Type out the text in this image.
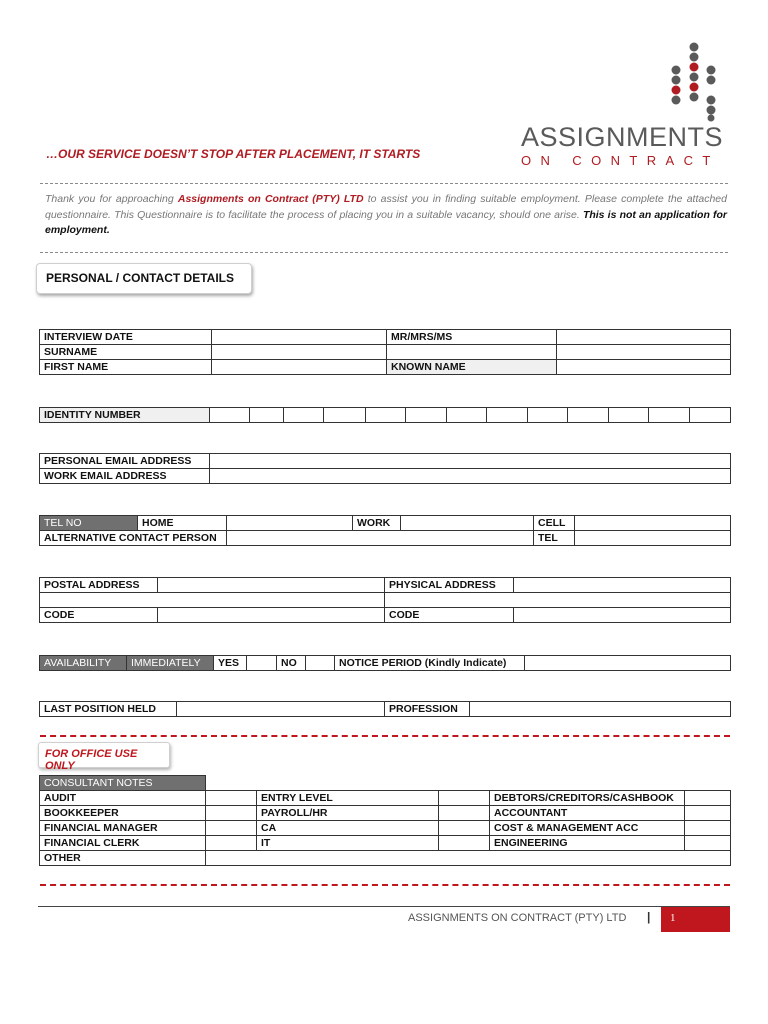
ASSIGNMENTS
ON CONTRACT
…OUR SERVICE DOESN’T STOP AFTER PLACEMENT, IT STARTS
Thank you for approaching Assignments on Contract (PTY) LTD to assist you in finding suitable employment. Please complete the attached questionnaire. This Questionnaire is to facilitate the process of placing you in a suitable vacancy, should one arise. This is not an application for employment.
PERSONAL / CONTACT DETAILS
INTERVIEW DATE		MR/MRS/MS	
SURNAME			
FIRST NAME		KNOWN NAME	
IDENTITY NUMBER													
PERSONAL EMAIL ADDRESS	
WORK EMAIL ADDRESS	
TEL NO	HOME		WORK		CELL	
ALTERNATIVE CONTACT PERSON					TEL	
POSTAL ADDRESS		PHYSICAL ADDRESS	

CODE		CODE	
AVAILABILITY	IMMEDIATELY	YES		NO		NOTICE PERIOD (Kindly Indicate)	
LAST POSITION HELD		PROFESSION	
FOR OFFICE USE ONLY
CONSULTANT NOTES					
AUDIT		ENTRY LEVEL		DEBTORS/CREDITORS/CASHBOOK	
BOOKKEEPER		PAYROLL/HR		ACCOUNTANT	
FINANCIAL MANAGER		CA		COST & MANAGEMENT ACC	
FINANCIAL CLERK		IT		ENGINEERING	
OTHER					
ASSIGNMENTS ON CONTRACT (PTY) LTD | 1
